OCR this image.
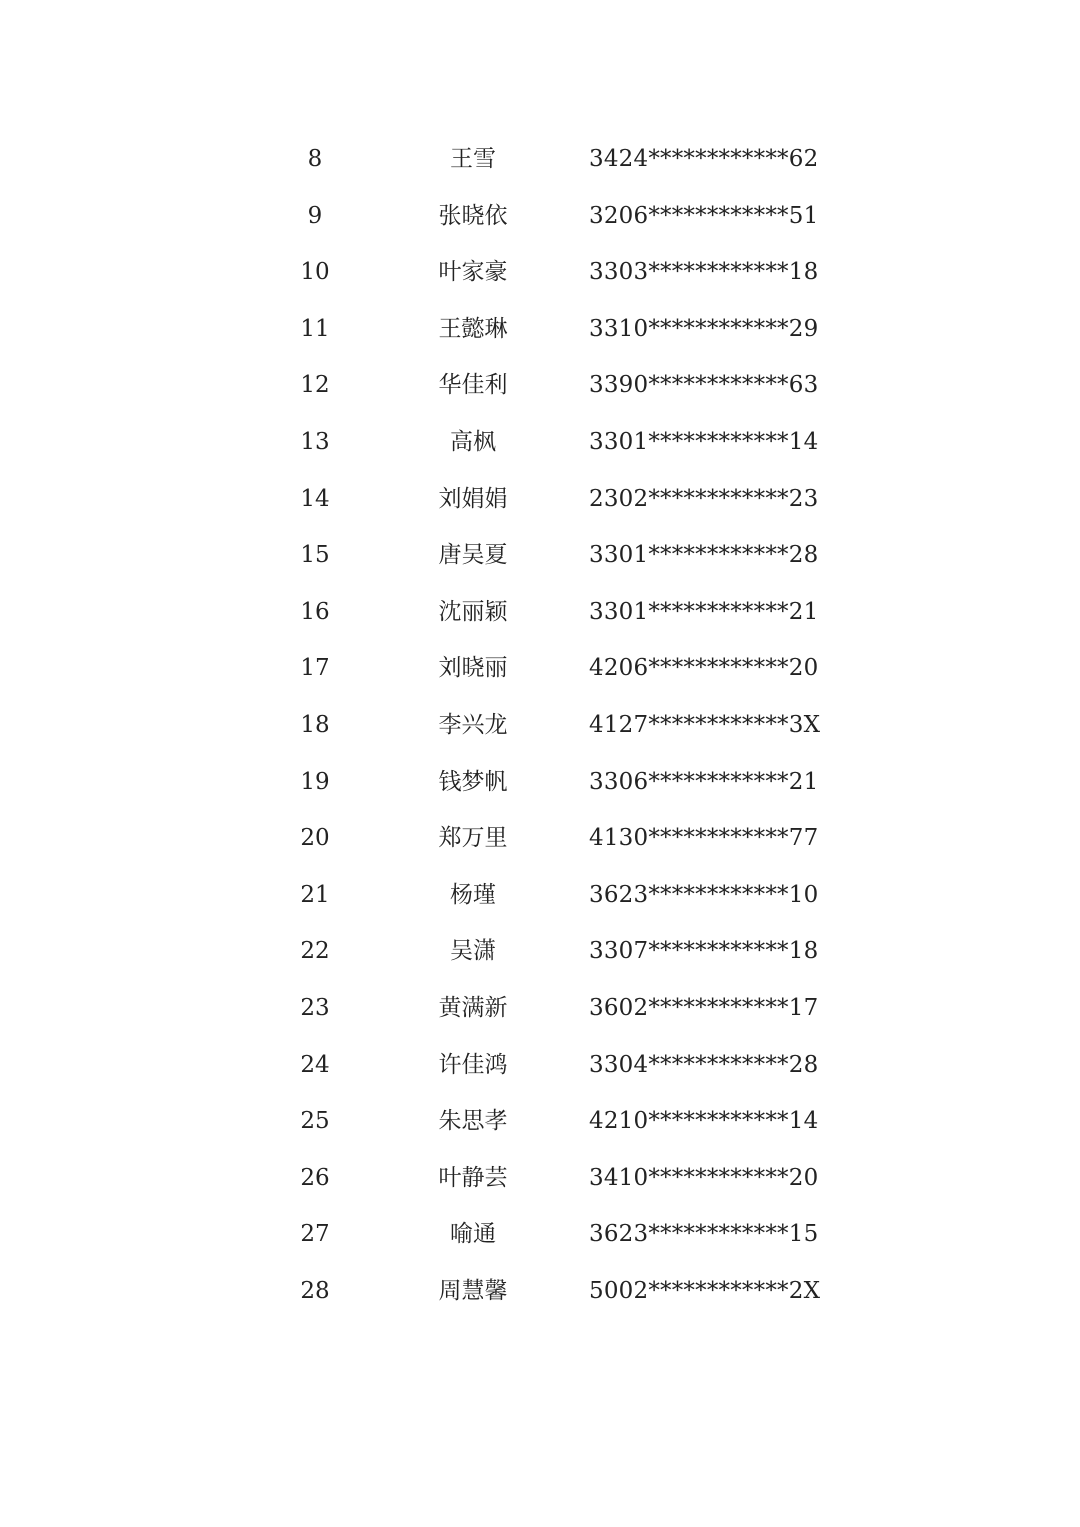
8	王雪	3424************62
9	张晓依	3206************51
10	叶家豪	3303************18
11	王懿琳	3310************29
12	华佳利	3390************63
13	高枫	3301************14
14	刘娟娟	2302************23
15	唐吴夏	3301************28
16	沈丽颖	3301************21
17	刘晓丽	4206************20
18	李兴龙	4127************3X
19	钱梦帆	3306************21
20	郑万里	4130************77
21	杨瑾	3623************10
22	吴潇	3307************18
23	黄满新	3602************17
24	许佳鸿	3304************28
25	朱思孝	4210************14
26	叶静芸	3410************20
27	喻通	3623************15
28	周慧馨	5002************2X
